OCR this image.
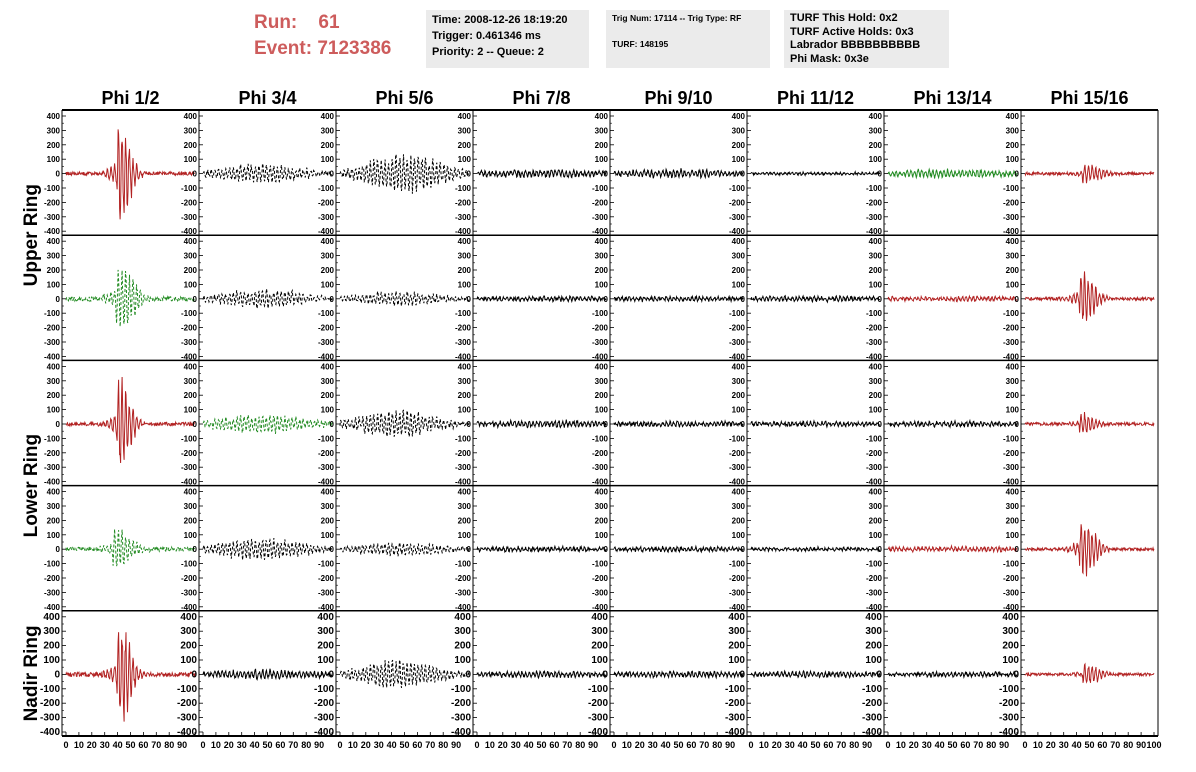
Run: 61
Event: 7123386
Time: 2008-12-26 18:19:20
Trigger: 0.461346 ms
Priority: 2 -- Queue: 2
Trig Num: 17114 -- Trig Type: RF
TURF: 148195
TURF This Hold: 0x2
TURF Active Holds: 0x3
Labrador BBBBBBBBBB
Phi Mask: 0x3e
400
300
200
100
0
-100
-200
-300
-400
400
300
200
100
0
-100
-200
-300
-400
400
300
200
100
0
-100
-200
-300
-400
400
300
200
100
0
-100
-200
-300
-400
400
300
200
100
0
-100
-200
-300
-400
400
300
200
100
0
-100
-200
-300
-400
400
300
200
100
0
-100
-200
-300
-400
400
300
200
100
0
-100
-200
-300
-400
400
300
200
100
0
-100
-200
-300
-400
400
300
200
100
0
-100
-200
-300
-400
400
300
200
100
0
-100
-200
-300
-400
400
300
200
100
0
-100
-200
-300
-400
400
300
200
100
0
-100
-200
-300
-400
400
300
200
100
0
-100
-200
-300
-400
400
300
200
100
0
-100
-200
-300
-400
400
300
200
100
0
-100
-200
-300
-400
400
300
200
100
0
-100
-200
-300
-400
400
300
200
100
0
-100
-200
-300
-400
400
300
200
100
0
-100
-200
-300
-400
400
300
200
100
0
-100
-200
-300
-400
400
300
200
100
0
-100
-200
-300
-400
400
300
200
100
0
-100
-200
-300
-400
400
300
200
100
0
-100
-200
-300
-400
400
300
200
100
0
-100
-200
-300
-400
400
300
200
100
0
-100
-200
-300
-400
400
300
200
100
0
-100
-200
-300
-400
400
300
200
100
0
-100
-200
-300
-400
400
300
200
100
0
-100
-200
-300
-400
400
300
200
100
0
-100
-200
-300
-400
400
300
200
100
0
-100
-200
-300
-400
400
300
200
100
0
-100
-200
-300
-400
400
300
200
100
0
-100
-200
-300
-400
400
300
200
100
0
-100
-200
-300
-400
400
300
200
100
0
-100
-200
-300
-400
400
300
200
100
0
-100
-200
-300
-400
400
300
200
100
0
-100
-200
-300
-400
400
300
200
100
0
-100
-200
-300
-400
400
300
200
100
0
-100
-200
-300
-400
400
300
200
100
0
-100
-200
-300
-400
400
300
200
100
0
-100
-200
-300
-400
0 10 20 30 40 50 60 70 80 90 0 10 20 30 40 50 60 70 80 90 0 10 20 30 40 50 60 70 80 90 0 10 20 30 40 50 60 70 80 90 0 10 20 30 40 50 60 70 80 90 0 10 20 30 40 50 60 70 80 90 0 10 20 30 40 50 60 70 80 90 0 10 20 30 40 50 60 70 80 90 100
Phi 1/2	Phi 3/4	Phi 5/6	Phi 7/8	Phi 9/10	Phi 11/12	Phi 13/14	Phi 15/16
Upper Ring
Lower Ring
Nadir Ring
